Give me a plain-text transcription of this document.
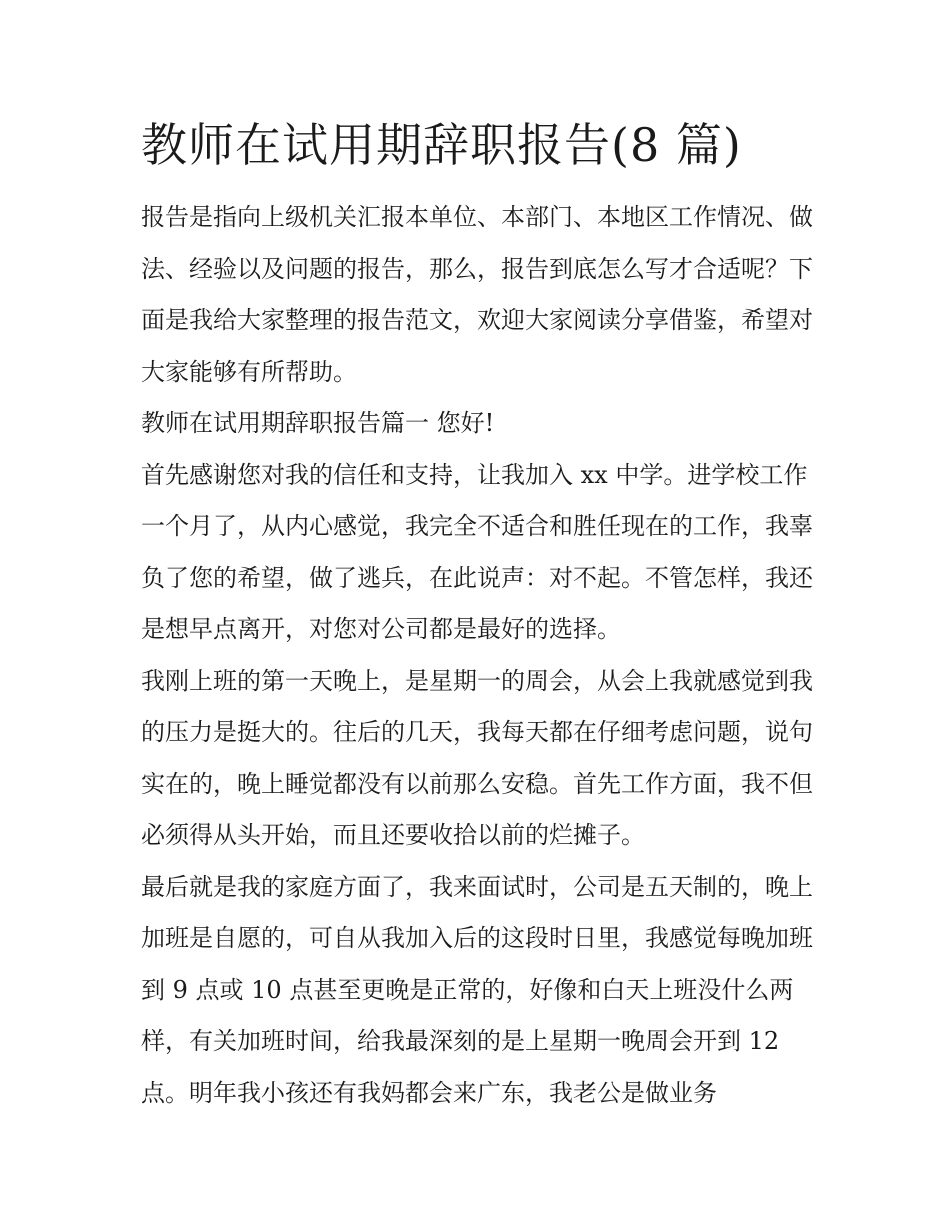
教师在试用期辞职报告(8 篇)

报告是指向上级机关汇报本单位、本部门、本地区工作情况、做法、经验以及问题的报告，那么，报告到底怎么写才合适呢？下面是我给大家整理的报告范文，欢迎大家阅读分享借鉴，希望对大家能够有所帮助。

教师在试用期辞职报告篇一 您好!

首先感谢您对我的信任和支持，让我加入 xx 中学。进学校工作一个月了，从内心感觉，我完全不适合和胜任现在的工作，我辜负了您的希望，做了逃兵，在此说声：对不起。不管怎样，我还是想早点离开，对您对公司都是最好的选择。

我刚上班的第一天晚上，是星期一的周会，从会上我就感觉到我的压力是挺大的。往后的几天，我每天都在仔细考虑问题，说句实在的，晚上睡觉都没有以前那么安稳。首先工作方面，我不但必须得从头开始，而且还要收拾以前的烂摊子。

最后就是我的家庭方面了，我来面试时，公司是五天制的，晚上加班是自愿的，可自从我加入后的这段时日里，我感觉每晚加班到 9 点或 10 点甚至更晚是正常的，好像和白天上班没什么两样，有关加班时间，给我最深刻的是上星期一晚周会开到 12 点。明年我小孩还有我妈都会来广东，我老公是做业务
